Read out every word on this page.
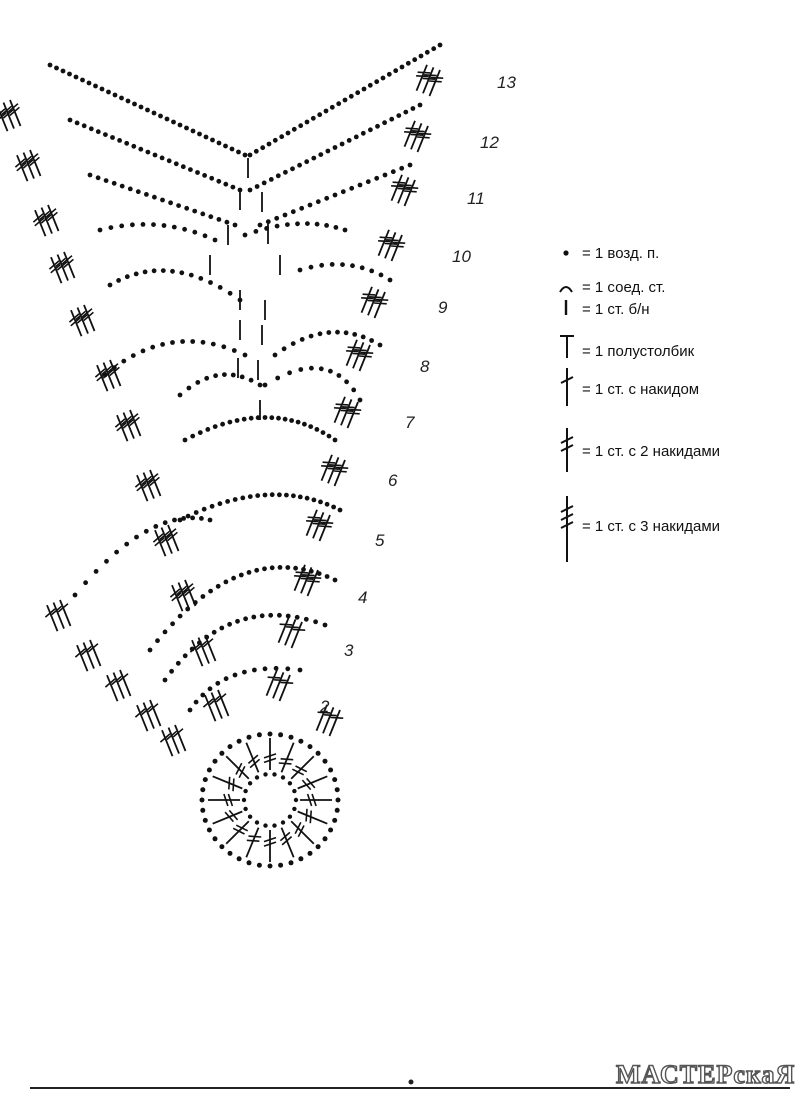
13
12
11
10
9
8
7
6
5
4
3
2
= 1 возд. п.
= 1 соед. ст.
= 1 ст. б/н
= 1 полустолбик
= 1 ст. с накидом
= 1 ст. с 2 накидами
= 1 ст. с 3 накидами
МАСТЕРскаЯ
